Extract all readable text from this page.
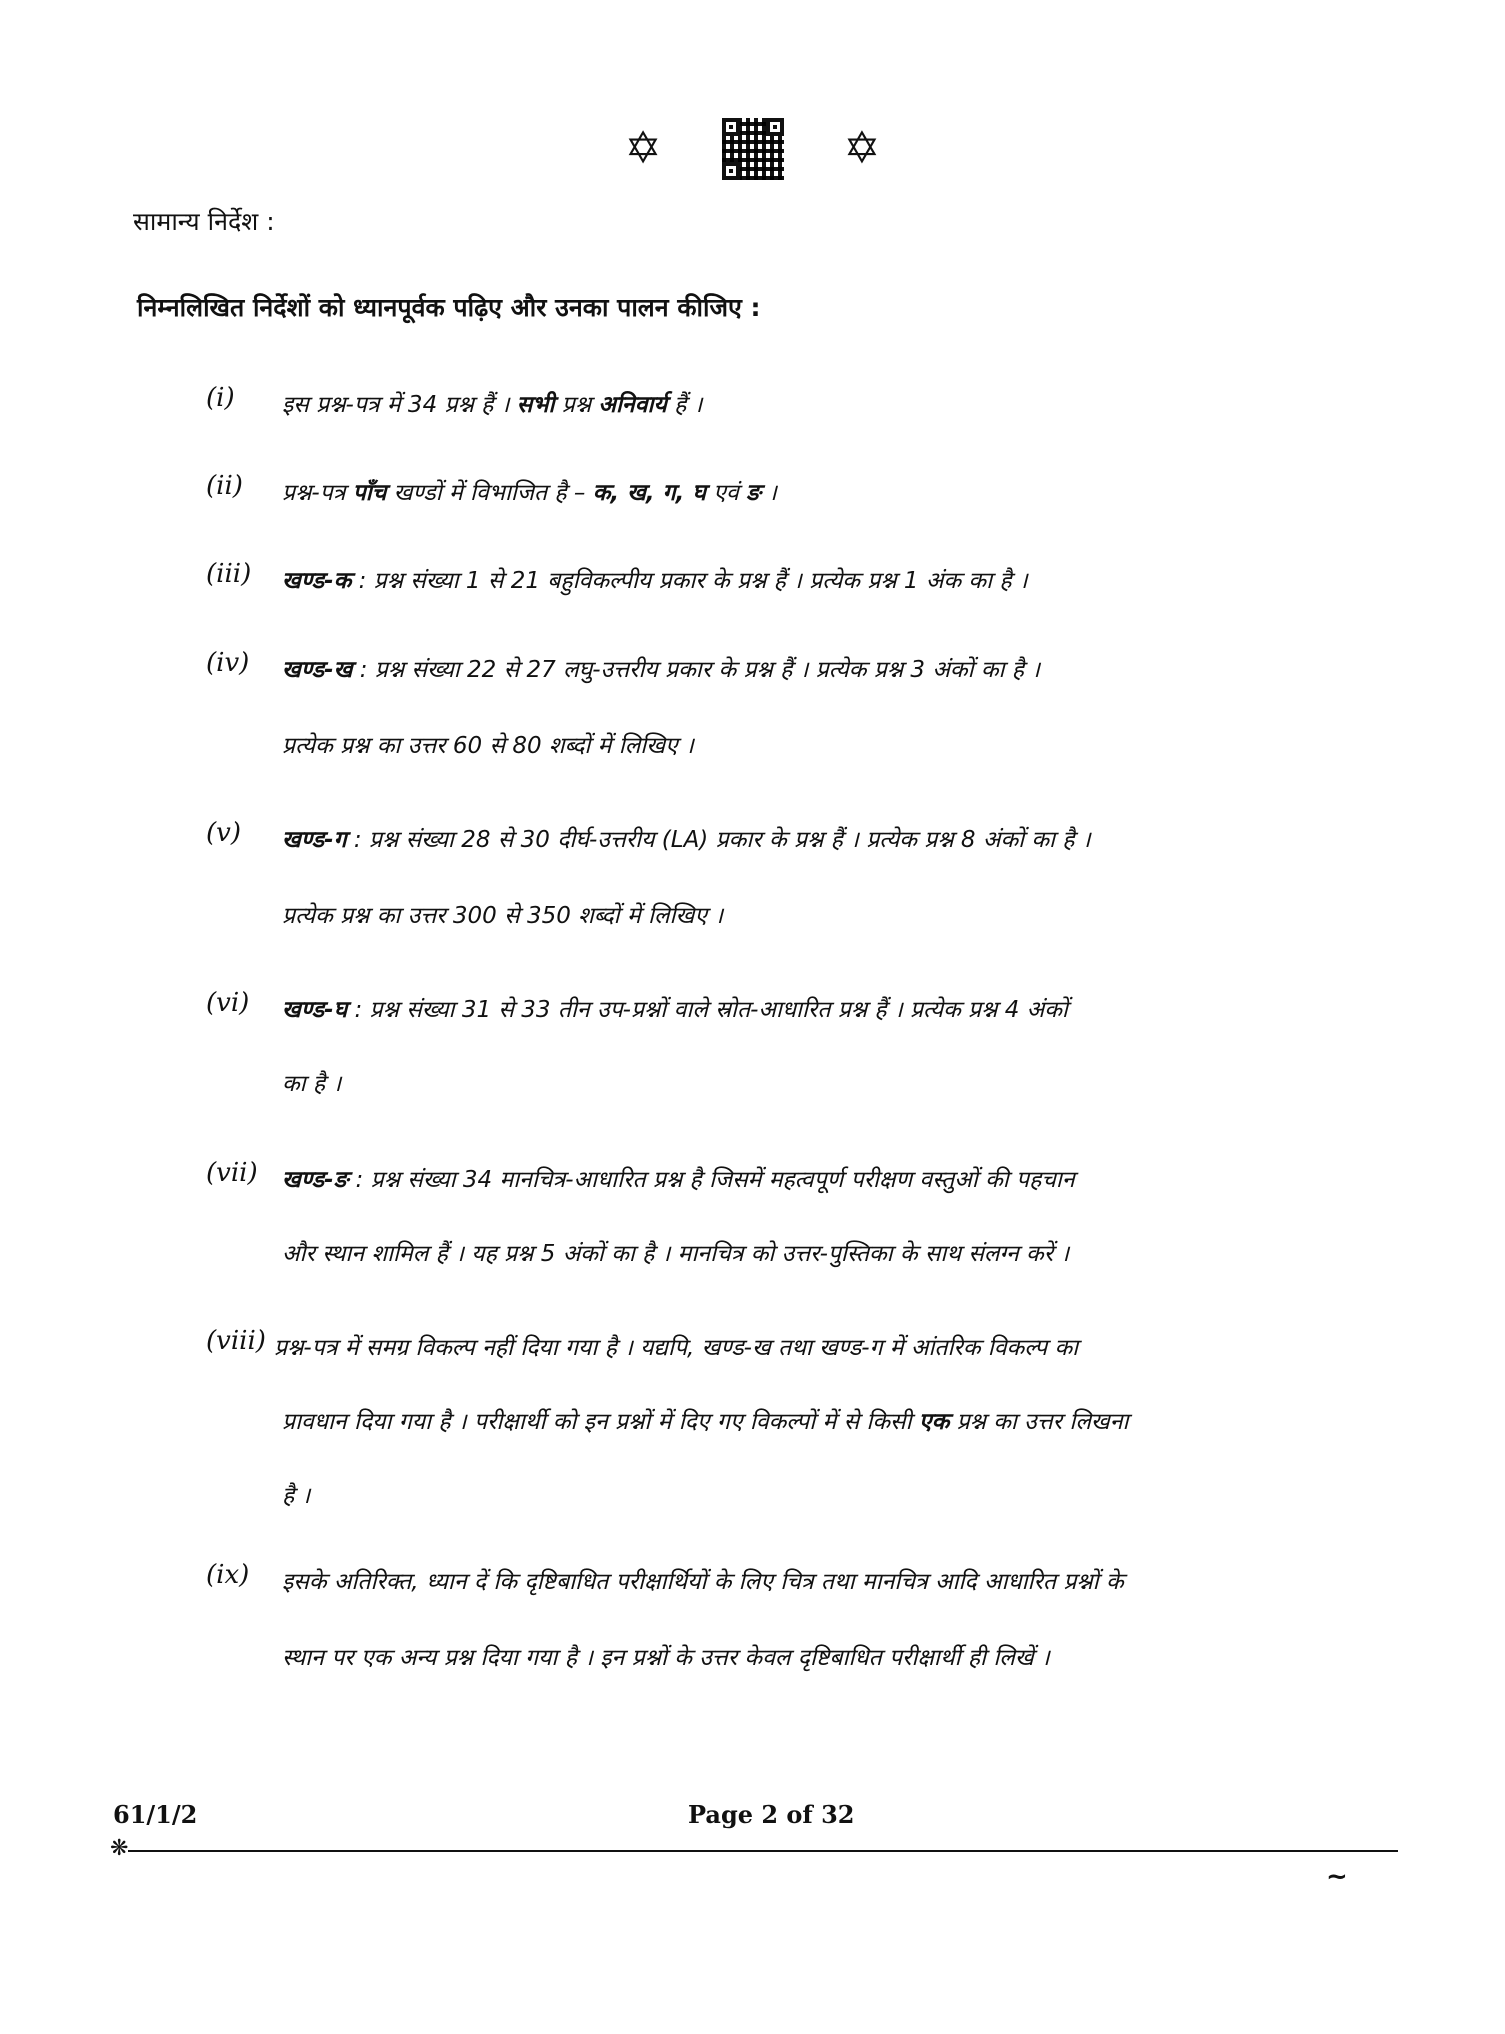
✡	✡
सामान्य निर्देश :
निम्नलिखित निर्देशों को ध्यानपूर्वक पढ़िए और उनका पालन कीजिए :
(i) इस प्रश्न-पत्र में 34 प्रश्न हैं । सभी प्रश्न अनिवार्य हैं ।
(ii) प्रश्न-पत्र पाँच खण्डों में विभाजित है – क, ख, ग, घ एवं ङ ।
(iii) खण्ड-क : प्रश्न संख्या 1 से 21 बहुविकल्पीय प्रकार के प्रश्न हैं । प्रत्येक प्रश्न 1 अंक का है ।
(iv) खण्ड-ख : प्रश्न संख्या 22 से 27 लघु-उत्तरीय प्रकार के प्रश्न हैं । प्रत्येक प्रश्न 3 अंकों का है ।
प्रत्येक प्रश्न का उत्तर 60 से 80 शब्दों में लिखिए ।
(v) खण्ड-ग : प्रश्न संख्या 28 से 30 दीर्घ-उत्तरीय (LA) प्रकार के प्रश्न हैं । प्रत्येक प्रश्न 8 अंकों का है ।
प्रत्येक प्रश्न का उत्तर 300 से 350 शब्दों में लिखिए ।
(vi) खण्ड-घ : प्रश्न संख्या 31 से 33 तीन उप-प्रश्नों वाले स्रोत-आधारित प्रश्न हैं । प्रत्येक प्रश्न 4 अंकों
का है ।
(vii) खण्ड-ङ : प्रश्न संख्या 34 मानचित्र-आधारित प्रश्न है जिसमें महत्वपूर्ण परीक्षण वस्तुओं की पहचान
और स्थान शामिल हैं । यह प्रश्न 5 अंकों का है । मानचित्र को उत्तर-पुस्तिका के साथ संलग्न करें ।
(viii) प्रश्न-पत्र में समग्र विकल्प नहीं दिया गया है । यद्यपि, खण्ड-ख तथा खण्ड-ग में आंतरिक विकल्प का
प्रावधान दिया गया है । परीक्षार्थी को इन प्रश्नों में दिए गए विकल्पों में से किसी एक प्रश्न का उत्तर लिखना
है ।
(ix) इसके अतिरिक्त, ध्यान दें कि दृष्टिबाधित परीक्षार्थियों के लिए चित्र तथा मानचित्र आदि आधारित प्रश्नों के
स्थान पर एक अन्य प्रश्न दिया गया है । इन प्रश्नों के उत्तर केवल दृष्टिबाधित परीक्षार्थी ही लिखें ।
61/1/2	Page 2 of 32
❋
~
